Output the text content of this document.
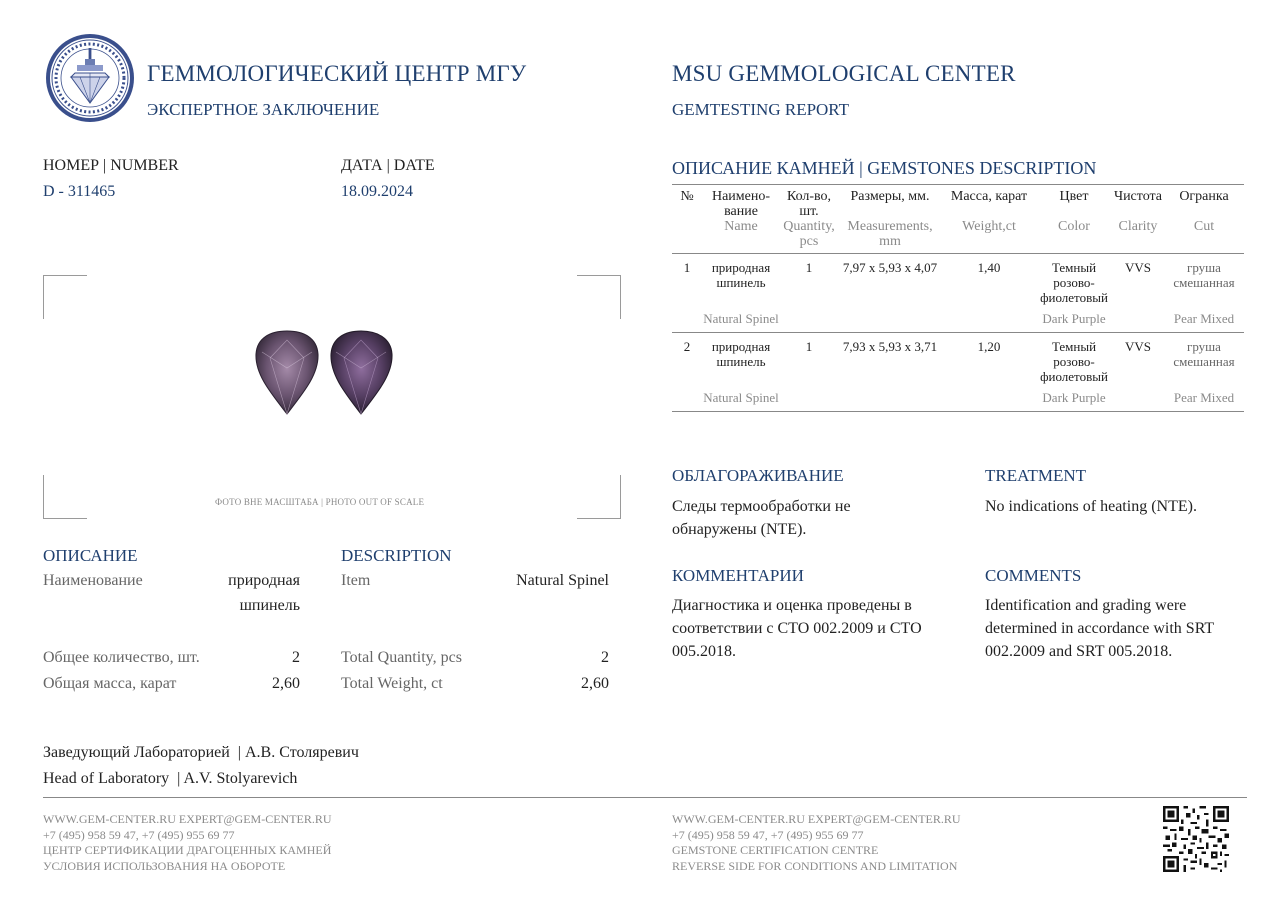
ГЕММОЛОГИЧЕСКИЙ ЦЕНТР МГУ
ЭКСПЕРТНОЕ ЗАКЛЮЧЕНИЕ
MSU GEMMOLOGICAL CENTER
GEMTESTING REPORT
НОМЕР | NUMBER
D - 311465
ДАТА | DATE
18.09.2024
ФОТО ВНЕ МАСШТАБА | PHOTO OUT OF SCALE
ОПИСАНИЕ	DESCRIPTION
Наименование	природная
шпинель
Item	Natural Spinel
Общее количество, шт.	2
Общая масса, карат	2,60
Total Quantity, pcs	2
Total Weight, ct	2,60
Заведующий Лабораторией  | А.В. Столяревич
Head of Laboratory  | A.V. Stolyarevich
ОПИСАНИЕ КАМНЕЙ | GEMSTONES DESCRIPTION
№	Наимено-вание	Кол-во, шт.	Размеры, мм.	Масса, карат	Цвет	Чистота	Огранка
	Name	Quantity, pcs	Measurements, mm	Weight,ct	Color	Clarity	Cut

1	природная шпинель	1	7,97 x 5,93 x 4,07	1,40	Темный розово-фиолетовый	VVS	груша смешанная
	Natural Spinel				Dark Purple		Pear Mixed

2	природная шпинель	1	7,93 x 5,93 x 3,71	1,20	Темный розово-фиолетовый	VVS	груша смешанная
	Natural Spinel				Dark Purple		Pear Mixed

ОБЛАГОРАЖИВАНИЕ
Следы термообработки не обнаружены (NTE).
TREATMENT
No indications of heating (NTE).
КОММЕНТАРИИ
Диагностика и оценка проведены в соответствии с СТО 002.2009 и СТО 005.2018.
COMMENTS
Identification and grading were determined in accordance with SRT 002.2009 and SRT 005.2018.
WWW.GEM-CENTER.RU EXPERT@GEM-CENTER.RU
+7 (495) 958 59 47, +7 (495) 955 69 77
ЦЕНТР СЕРТИФИКАЦИИ ДРАГОЦЕННЫХ КАМНЕЙ
УСЛОВИЯ ИСПОЛЬЗОВАНИЯ НА ОБОРОТЕ
WWW.GEM-CENTER.RU EXPERT@GEM-CENTER.RU
+7 (495) 958 59 47, +7 (495) 955 69 77
GEMSTONE CERTIFICATION CENTRE
REVERSE SIDE FOR CONDITIONS AND LIMITATION
